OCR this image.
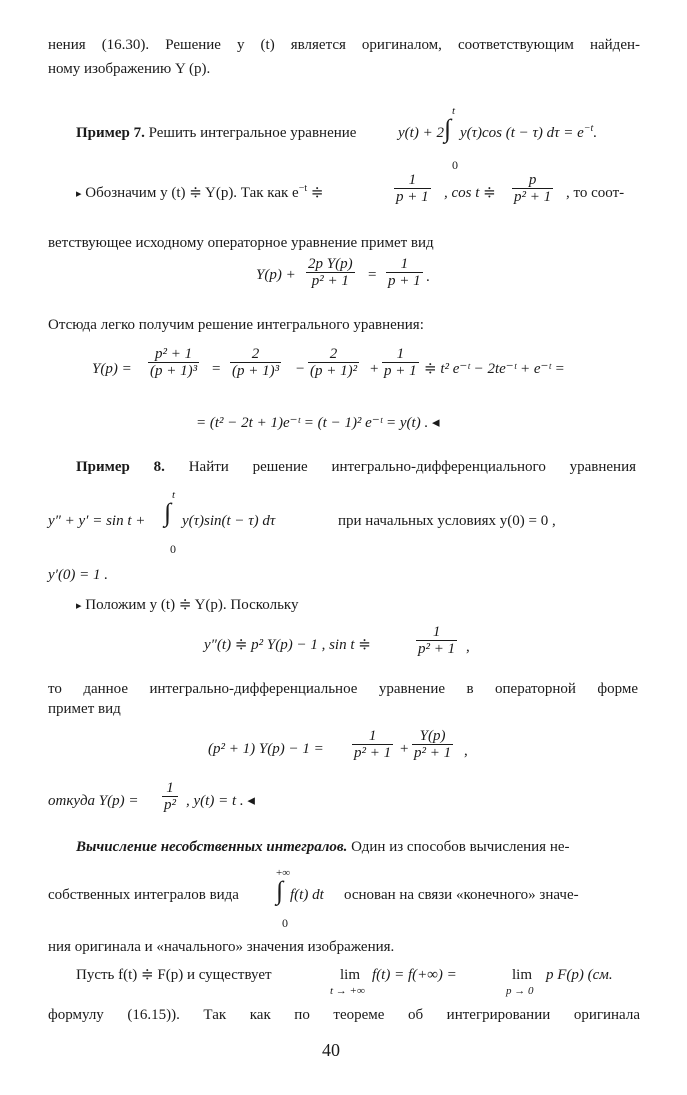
нения (16.30). Решение y (t) является оригиналом, соответствующим найден-
ному изображению Y (p).
Пример 7. Решить интегральное уравнение	y(t) + 2
t
∫
0
y(τ)cos (t − τ) $d\tau = e^{-t}$.
▸ Обозначим y (t) ≑ Y(p). Так как $e^{-t}$ ≑	$\frac{1}{p + 1}$ , cos t ≑ $\frac{p}{\text{p² + 1}}$ , то соот-
ветствующее исходному операторное уравнение примет вид
$Y(p) + \frac{\text{2p Y(p)}}{\text{p² + 1}} = \frac{1}{p + 1}$ .
Отсюда легко получим решение интегрального уравнения:
$Y(p) = \frac{\text{p² + 1}}{\text{(p + 1)³}} = \frac{2}{\text{(p + 1)³}} - \frac{2}{\text{(p + 1)²}} + \frac{1}{p + 1}$ ≑ t² e⁻ᵗ − 2te⁻ᵗ + e⁻ᵗ =
= (t² − 2t + 1)e⁻ᵗ = (t − 1)² e⁻ᵗ = y(t) . ◂
Пример 8. Найти решение интегрально-дифференциального уравнения
t
∫
0
y″ + y′ = sin t + y(τ)sin(t − τ) dτ	при начальных условиях y(0) = 0 ,
y′(0) = 1 .
▸ Положим y (t) ≑ Y(p). Поскольку
y″(t) ≑ p² Y(p) − 1 , sin t ≑	$\frac{1}{\text{p² + 1}}$ ,
то данное интегрально-дифференциальное уравнение в операторной форме
примет вид
(p² + 1) $Y(p) - 1 = \frac{1}{\text{p² + 1}} + \frac{Y(p)}{\text{p² + 1}}$ ,
откуда $Y(p) = \frac{1}{\text{p²}}$ , y(t) = t . ◂
Вычисление несобственных интегралов. Один из способов вычисления не-
+∞
∫
0
собственных интегралов вида	f(t) dt основан на связи «конечного» значе-
ния оригинала и «начального» значения изображения.
Пусть f(t) ≑ F(p) и существует	lim
t → +∞
f(t) = f(+∞) =	lim
p → 0
p F(p) (см.
формулу (16.15)). Так как по теореме об интегрировании оригинала
40
